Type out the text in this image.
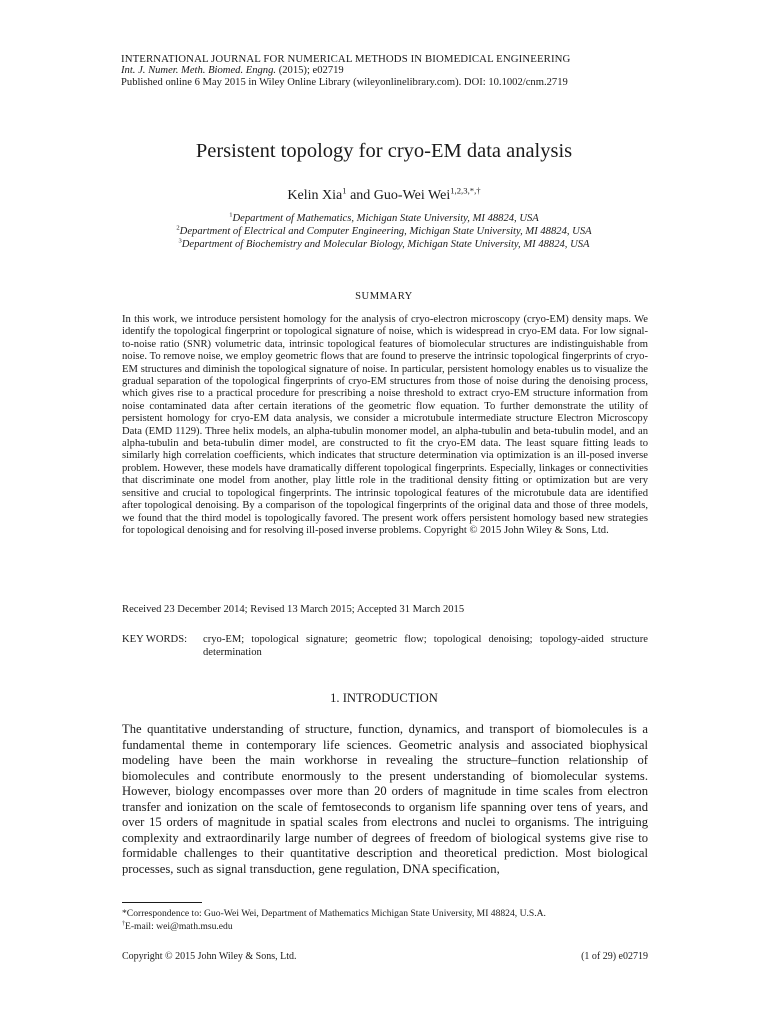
INTERNATIONAL JOURNAL FOR NUMERICAL METHODS IN BIOMEDICAL ENGINEERING
Int. J. Numer. Meth. Biomed. Engng. (2015); e02719
Published online 6 May 2015 in Wiley Online Library (wileyonlinelibrary.com). DOI: 10.1002/cnm.2719
Persistent topology for cryo-EM data analysis
Kelin Xia$^1$ and Guo-Wei Wei$^{1,2,3,*,\dagger}$
$^1$Department of Mathematics, Michigan State University, MI 48824, USA
$^2$Department of Electrical and Computer Engineering, Michigan State University, MI 48824, USA
$^3$Department of Biochemistry and Molecular Biology, Michigan State University, MI 48824, USA
SUMMARY

In this work, we introduce persistent homology for the analysis of cryo-electron microscopy (cryo-EM) density maps. We identify the topological fingerprint or topological signature of noise, which is widespread in cryo-EM data. For low signal-to-noise ratio (SNR) volumetric data, intrinsic topological features of biomolecular structures are indistinguishable from noise. To remove noise, we employ geometric flows that are found to preserve the intrinsic topological fingerprints of cryo-EM structures and diminish the topological signature of noise. In particular, persistent homology enables us to visualize the gradual separation of the topological fingerprints of cryo-EM structures from those of noise during the denoising process, which gives rise to a practical procedure for prescribing a noise threshold to extract cryo-EM structure information from noise contaminated data after certain iterations of the geometric flow equation. To further demonstrate the utility of persistent homology for cryo-EM data analysis, we consider a microtubule intermediate structure Electron Microscopy Data (EMD 1129). Three helix models, an alpha-tubulin monomer model, an alpha-tubulin and beta-tubulin model, and an alpha-tubulin and beta-tubulin dimer model, are constructed to fit the cryo-EM data. The least square fitting leads to similarly high correlation coefficients, which indicates that structure determination via optimization is an ill-posed inverse problem. However, these models have dramatically different topological fingerprints. Especially, linkages or connectivities that discriminate one model from another, play little role in the traditional density fitting or optimization but are very sensitive and crucial to topological fingerprints. The intrinsic topological features of the microtubule data are identified after topological denoising. By a comparison of the topological fingerprints of the original data and those of three models, we found that the third model is topologically favored. The present work offers persistent homology based new strategies for topological denoising and for resolving ill-posed inverse problems. Copyright © 2015 John Wiley & Sons, Ltd.

Received 23 December 2014; Revised 13 March 2015; Accepted 31 March 2015
KEY WORDS: cryo-EM; topological signature; geometric flow; topological denoising; topology-aided structure determination
1. INTRODUCTION

The quantitative understanding of structure, function, dynamics, and transport of biomolecules is a fundamental theme in contemporary life sciences. Geometric analysis and associated biophysical modeling have been the main workhorse in revealing the structure–function relationship of biomolecules and contribute enormously to the present understanding of biomolecular systems. However, biology encompasses over more than 20 orders of magnitude in time scales from electron transfer and ionization on the scale of femtoseconds to organism life spanning over tens of years, and over 15 orders of magnitude in spatial scales from electrons and nuclei to organisms. The intriguing complexity and extraordinarily large number of degrees of freedom of biological systems give rise to formidable challenges to their quantitative description and theoretical prediction. Most biological processes, such as signal transduction, gene regulation, DNA specification,

*Correspondence to: Guo-Wei Wei, Department of Mathematics Michigan State University, MI 48824, U.S.A.
†E-mail: wei@math.msu.edu
Copyright © 2015 John Wiley & Sons, Ltd.	(1 of 29) e02719
